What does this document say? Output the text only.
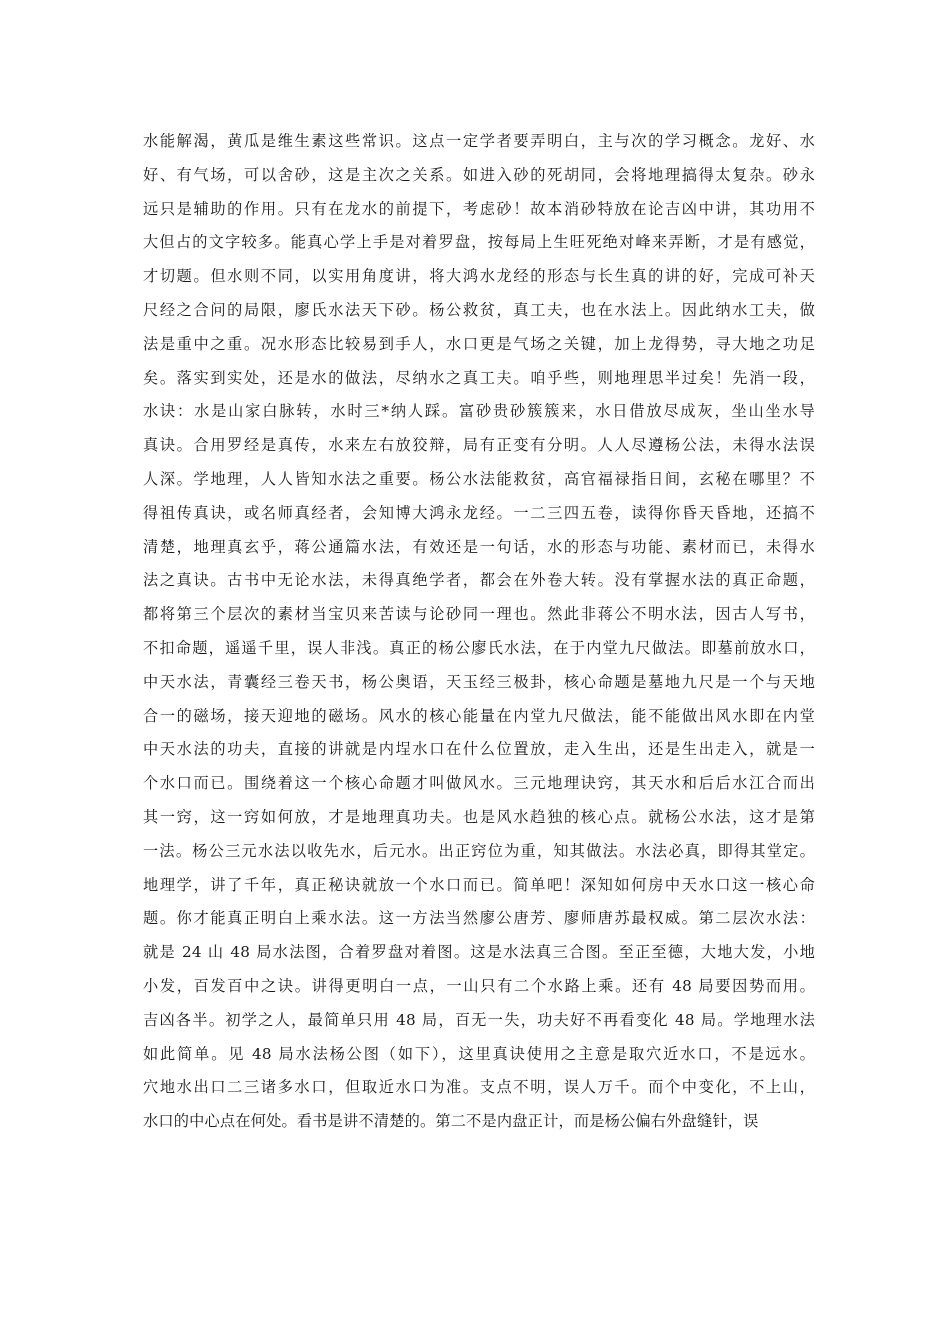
水能解渴，黄瓜是维生素这些常识。这点一定学者要弄明白，主与次的学习概念。龙好、水
好、有气场，可以舍砂，这是主次之关系。如进入砂的死胡同，会将地理搞得太复杂。砂永
远只是辅助的作用。只有在龙水的前提下，考虑砂！故本消砂特放在论吉凶中讲，其功用不
大但占的文字较多。能真心学上手是对着罗盘，按每局上生旺死绝对峰来弄断，才是有感觉，
才切题。但水则不同，以实用角度讲，将大鸿水龙经的形态与长生真的讲的好，完成可补天
尺经之合问的局限，廖氏水法天下砂。杨公救贫，真工夫，也在水法上。因此纳水工夫，做
法是重中之重。况水形态比较易到手人，水口更是气场之关键，加上龙得势，寻大地之功足
矣。落实到实处，还是水的做法，尽纳水之真工夫。咱乎些，则地理思半过矣！先消一段，
水诀：水是山家白脉转，水时三*纳人踩。富砂贵砂簇簇来，水日借放尽成灰，坐山坐水导
真诀。合用罗经是真传，水来左右放狡辩，局有正变有分明。人人尽遵杨公法，未得水法误
人深。学地理，人人皆知水法之重要。杨公水法能救贫，高官福禄指日间，玄秘在哪里？不
得祖传真诀，或名师真经者，会知博大鸿永龙经。一二三四五卷，读得你昏天昏地，还搞不
清楚，地理真玄乎，蒋公通篇水法，有效还是一句话，水的形态与功能、素材而已，未得水
法之真诀。古书中无论水法，未得真绝学者，都会在外卷大转。没有掌握水法的真正命题，
都将第三个层次的素材当宝贝来苦读与论砂同一理也。然此非蒋公不明水法，因古人写书，
不扣命题，遥遥千里，误人非浅。真正的杨公廖氏水法，在于内堂九尺做法。即墓前放水口，
中天水法，青囊经三卷天书，杨公奥语，天玉经三极卦，核心命题是墓地九尺是一个与天地
合一的磁场，接天迎地的磁场。风水的核心能量在内堂九尺做法，能不能做出风水即在内堂
中天水法的功夫，直接的讲就是内埕水口在什么位置放，走入生出，还是生出走入，就是一
个水口而已。围绕着这一个核心命题才叫做风水。三元地理诀窍，其天水和后后水江合而出
其一窍，这一窍如何放，才是地理真功夫。也是风水趋独的核心点。就杨公水法，这才是第
一法。杨公三元水法以收先水，后元水。出正窍位为重，知其做法。水法必真，即得其堂定。
地理学，讲了千年，真正秘诀就放一个水口而已。简单吧！深知如何房中天水口这一核心命
题。你才能真正明白上乘水法。这一方法当然廖公唐芳、廖师唐苏最权威。第二层次水法：
就是 24 山 48 局水法图，合着罗盘对着图。这是水法真三合图。至正至德，大地大发，小地
小发，百发百中之诀。讲得更明白一点，一山只有二个水路上乘。还有 48 局要因势而用。
吉凶各半。初学之人，最简单只用 48 局，百无一失，功夫好不再看变化 48 局。学地理水法
如此简单。见 48 局水法杨公图（如下），这里真诀使用之主意是取穴近水口，不是远水。
穴地水出口二三诸多水口，但取近水口为准。支点不明，误人万千。而个中变化，不上山，
水口的中心点在何处。看书是讲不清楚的。第二不是内盘正计，而是杨公偏右外盘缝针，误
